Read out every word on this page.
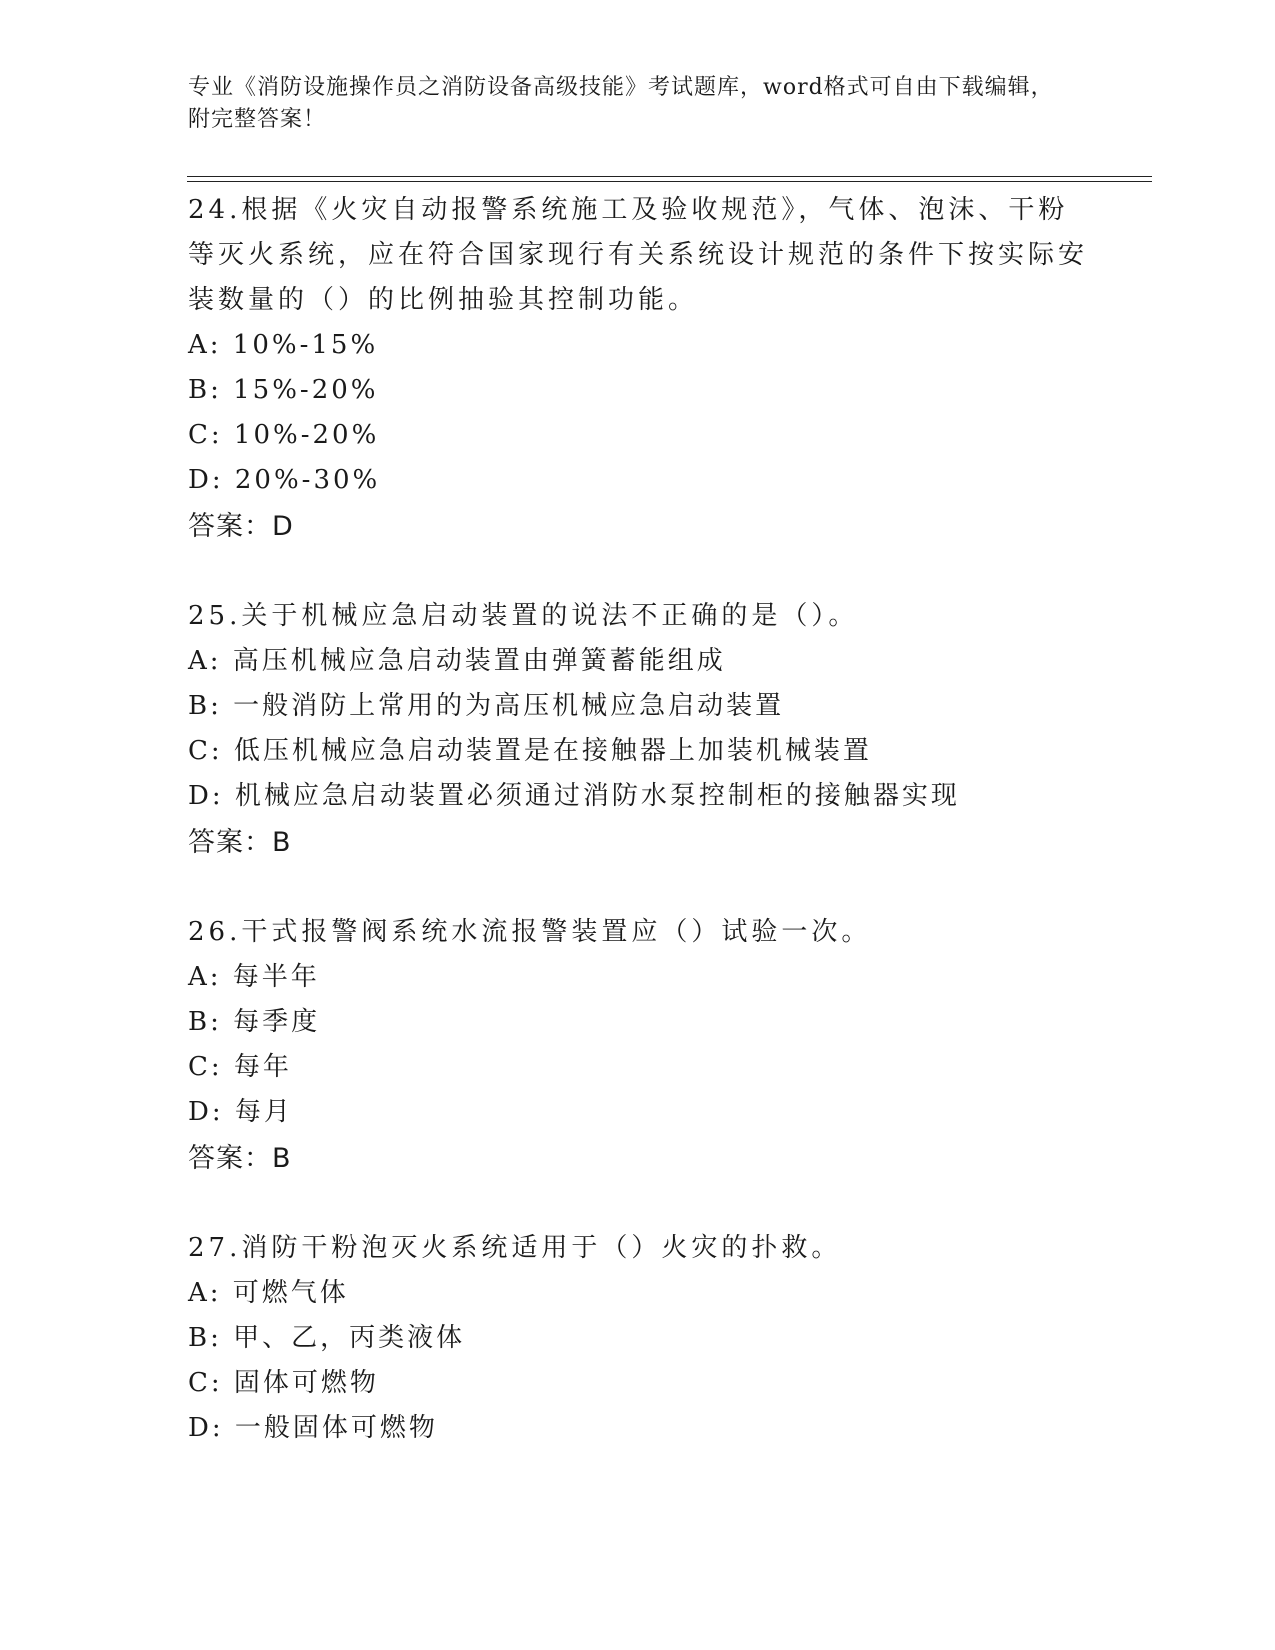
专业《消防设施操作员之消防设备高级技能》考试题库，word格式可自由下载编辑，附完整答案！
24.根据《火灾自动报警系统施工及验收规范》，气体、泡沫、干粉等灭火系统，应在符合国家现行有关系统设计规范的条件下按实际安装数量的（）的比例抽验其控制功能。
A: 10%-15%
B: 15%-20%
C: 10%-20%
D: 20%-30%
答案：D
25.关于机械应急启动装置的说法不正确的是（）。
A: 高压机械应急启动装置由弹簧蓄能组成
B: 一般消防上常用的为高压机械应急启动装置
C: 低压机械应急启动装置是在接触器上加装机械装置
D: 机械应急启动装置必须通过消防水泵控制柜的接触器实现
答案：B
26.干式报警阀系统水流报警装置应（）试验一次。
A: 每半年
B: 每季度
C: 每年
D: 每月
答案：B
27.消防干粉泡灭火系统适用于（）火灾的扑救。
A: 可燃气体
B: 甲、乙，丙类液体
C: 固体可燃物
D: 一般固体可燃物
